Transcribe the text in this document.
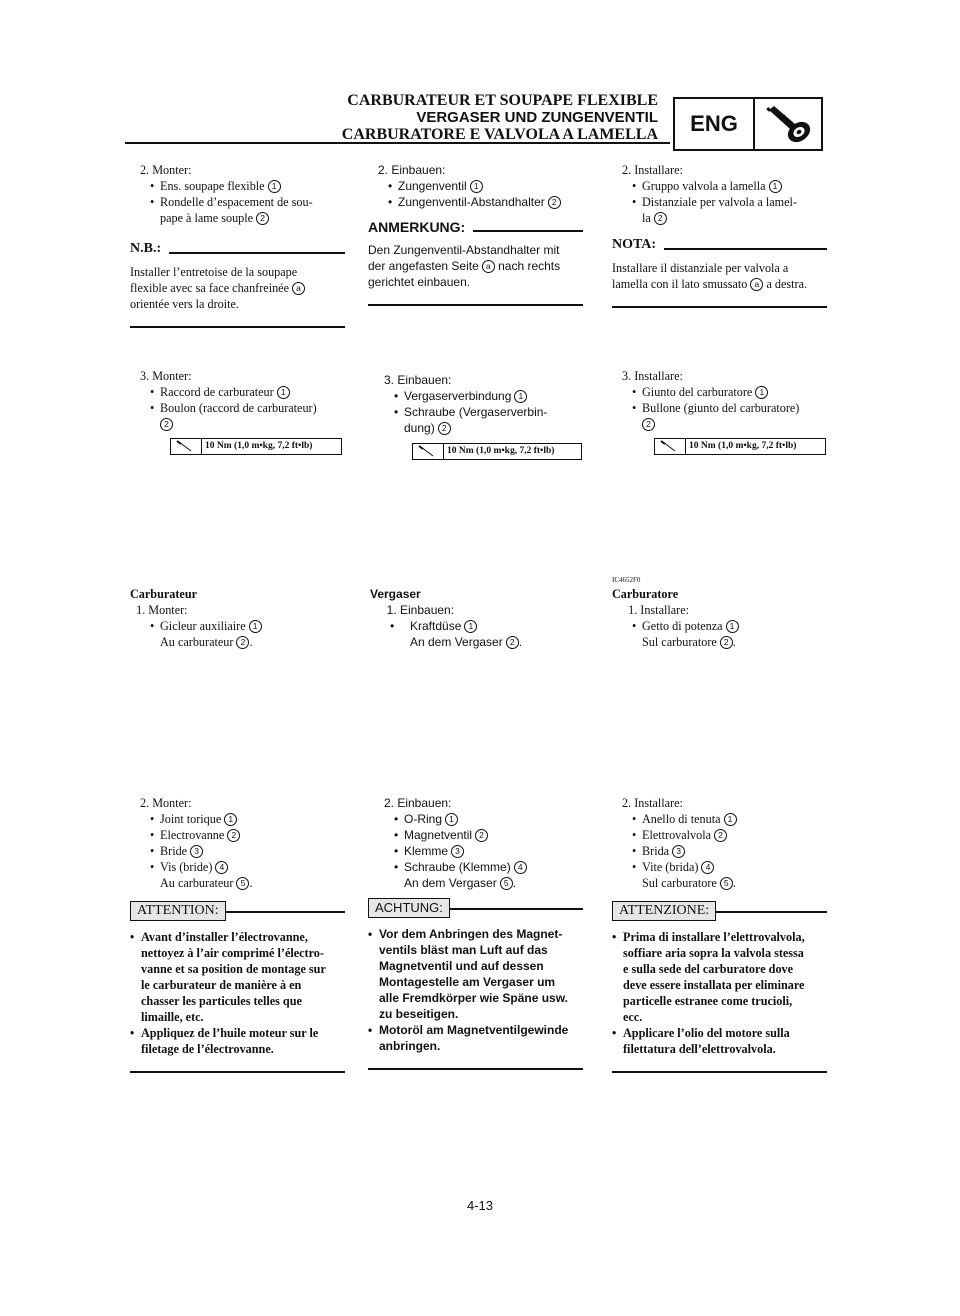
CARBURATEUR ET SOUPAPE FLEXIBLE
VERGASER UND ZUNGENVENTIL
CARBURATORE E VALVOLA A LAMELLA	ENG
2. Monter:
• Ens. soupape flexible 1
• Rondelle d’espacement de sou-
pape à lame souple 2
N.B.:
Installer l’entretoise de la soupape
flexible avec sa face chanfreinée a
orientée vers la droite.
3. Monter:
• Raccord de carburateur 1
• Boulon (raccord de carburateur)
2
10 Nm (1,0 m•kg, 7,2 ft•lb)
Carburateur
1. Monter:
• Gicleur auxiliaire 1
Au carburateur 2 .
2. Monter:
• Joint torique 1
• Electrovanne 2
• Bride 3
• Vis (bride) 4
Au carburateur 5 .
ATTENTION:
• Avant d’installer l’électrovanne,
nettoyez à l’air comprimé l’électro-
vanne et sa position de montage sur
le carburateur de manière à en
chasser les particules telles que
limaille, etc.
• Appliquez de l’huile moteur sur le
filetage de l’électrovanne.
2. Einbauen:
• Zungenventil 1
• Zungenventil-Abstandhalter 2
ANMERKUNG:
Den Zungenventil-Abstandhalter mit
der angefasten Seite a nach rechts
gerichtet einbauen.
3. Einbauen:
• Vergaserverbindung 1
• Schraube (Vergaserverbin-
dung) 2
10 Nm (1,0 m•kg, 7,2 ft•lb)
Vergaser
1. Einbauen:
• Kraftdüse 1
An dem Vergaser 2 .
2. Einbauen:
• O-Ring 1
• Magnetventil 2
• Klemme 3
• Schraube (Klemme) 4
An dem Vergaser 5 .
ACHTUNG:
• Vor dem Anbringen des Magnet-
ventils bläst man Luft auf das
Magnetventil und auf dessen
Montagestelle am Vergaser um
alle Fremdkörper wie Späne usw.
zu beseitigen.
• Motoröl am Magnetventilgewinde
anbringen.
2. Installare:
• Gruppo valvola a lamella 1
• Distanziale per valvola a lamel-
la 2
NOTA:
Installare il distanziale per valvola a
lamella con il lato smussato a a destra.
3. Installare:
• Giunto del carburatore 1
• Bullone (giunto del carburatore)
2
10 Nm (1,0 m•kg, 7,2 ft•lb)
IC4652F0
Carburatore
1. Installare:
• Getto di potenza 1
Sul carburatore 2 .
2. Installare:
• Anello di tenuta 1
• Elettrovalvola 2
• Brida 3
• Vite (brida) 4
Sul carburatore 5 .
ATTENZIONE:
• Prima di installare l’elettrovalvola,
soffiare aria sopra la valvola stessa
e sulla sede del carburatore dove
deve essere installata per eliminare
particelle estranee come trucioli,
ecc.
• Applicare l’olio del motore sulla
filettatura dell’elettrovalvola.
4-13
